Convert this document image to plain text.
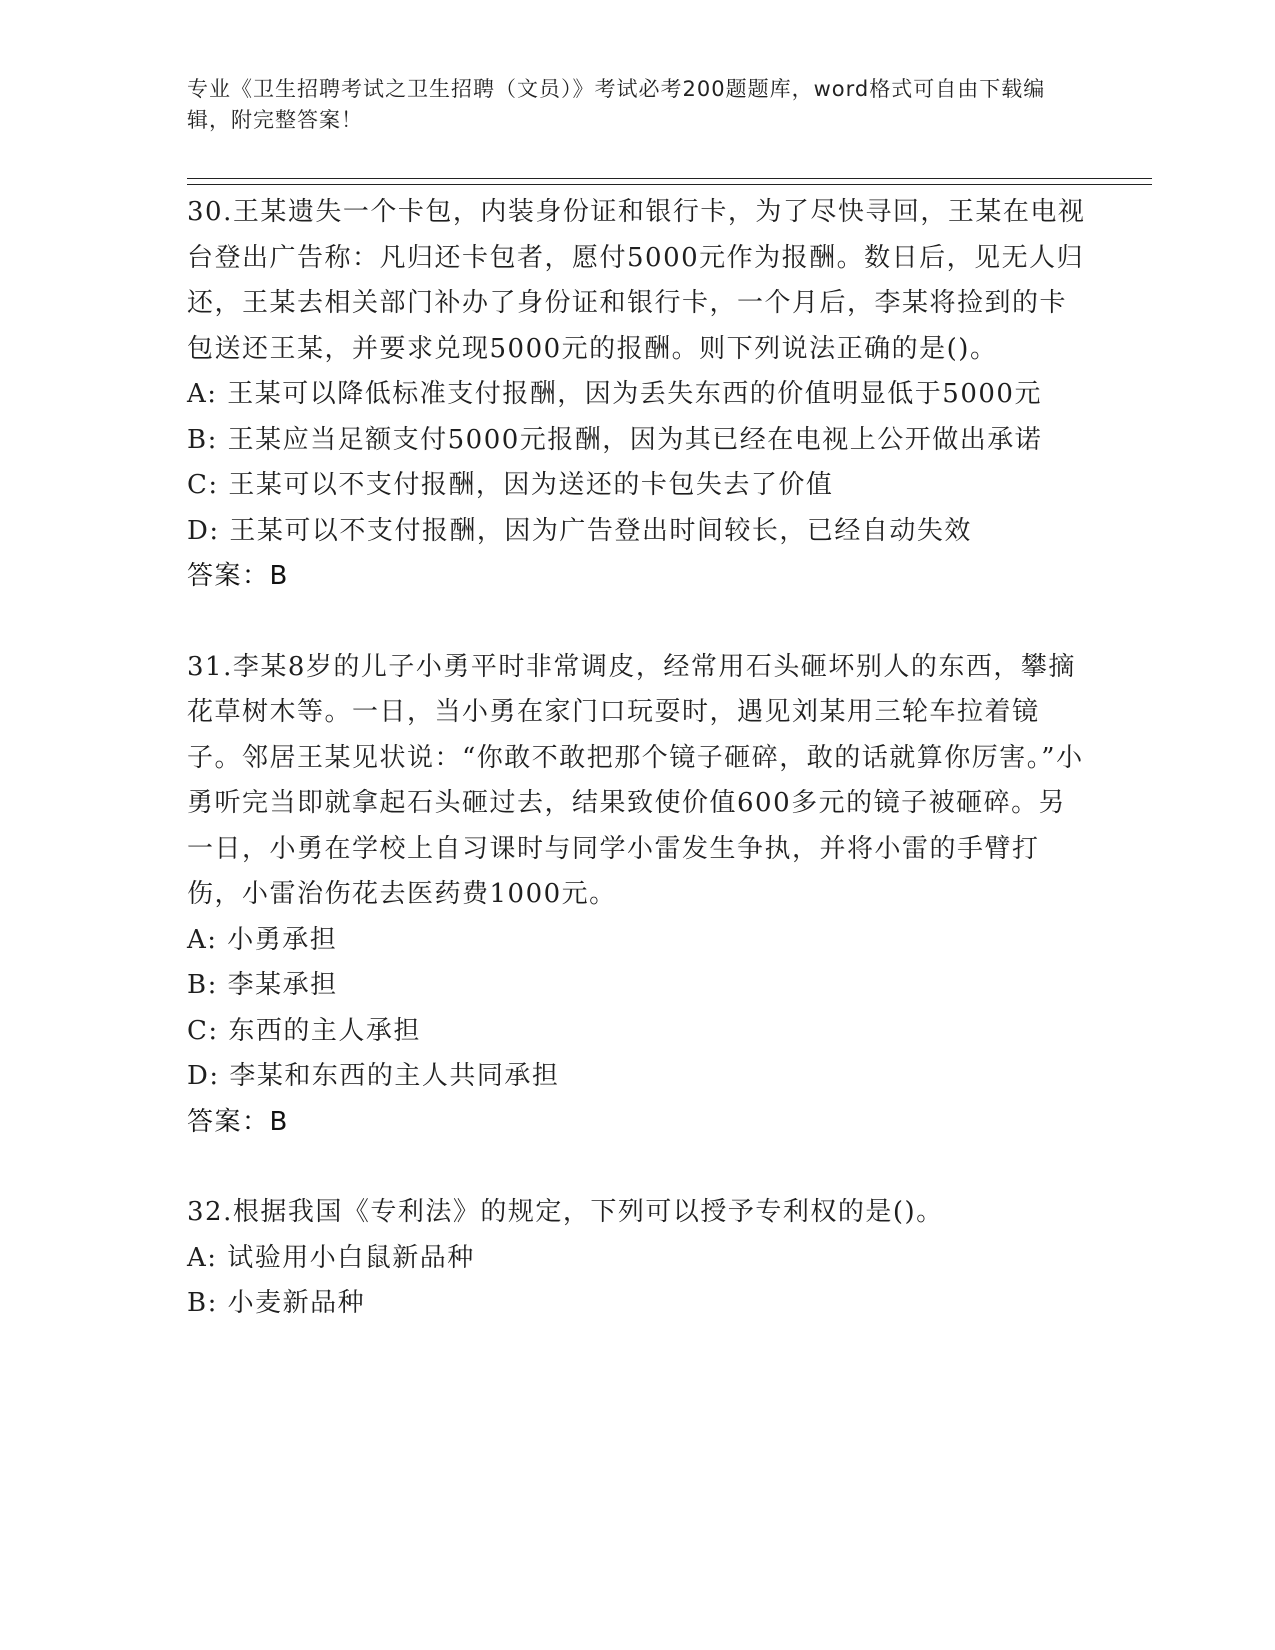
专业《卫生招聘考试之卫生招聘（文员）》考试必考200题题库，word格式可自由下载编辑，附完整答案！

30.王某遗失一个卡包，内装身份证和银行卡，为了尽快寻回，王某在电视台登出广告称：凡归还卡包者，愿付5000元作为报酬。数日后，见无人归还，王某去相关部门补办了身份证和银行卡，一个月后，李某将捡到的卡包送还王某，并要求兑现5000元的报酬。则下列说法正确的是()。

A: 王某可以降低标准支付报酬，因为丢失东西的价值明显低于5000元

B: 王某应当足额支付5000元报酬，因为其已经在电视上公开做出承诺

C: 王某可以不支付报酬，因为送还的卡包失去了价值

D: 王某可以不支付报酬，因为广告登出时间较长，已经自动失效

答案：B

31.李某8岁的儿子小勇平时非常调皮，经常用石头砸坏别人的东西，攀摘花草树木等。一日，当小勇在家门口玩耍时，遇见刘某用三轮车拉着镜子。邻居王某见状说：“你敢不敢把那个镜子砸碎，敢的话就算你厉害。”小勇听完当即就拿起石头砸过去，结果致使价值600多元的镜子被砸碎。另一日，小勇在学校上自习课时与同学小雷发生争执，并将小雷的手臂打伤，小雷治伤花去医药费1000元。

A: 小勇承担

B: 李某承担

C: 东西的主人承担

D: 李某和东西的主人共同承担

答案：B

32.根据我国《专利法》的规定，下列可以授予专利权的是()。

A: 试验用小白鼠新品种

B: 小麦新品种
